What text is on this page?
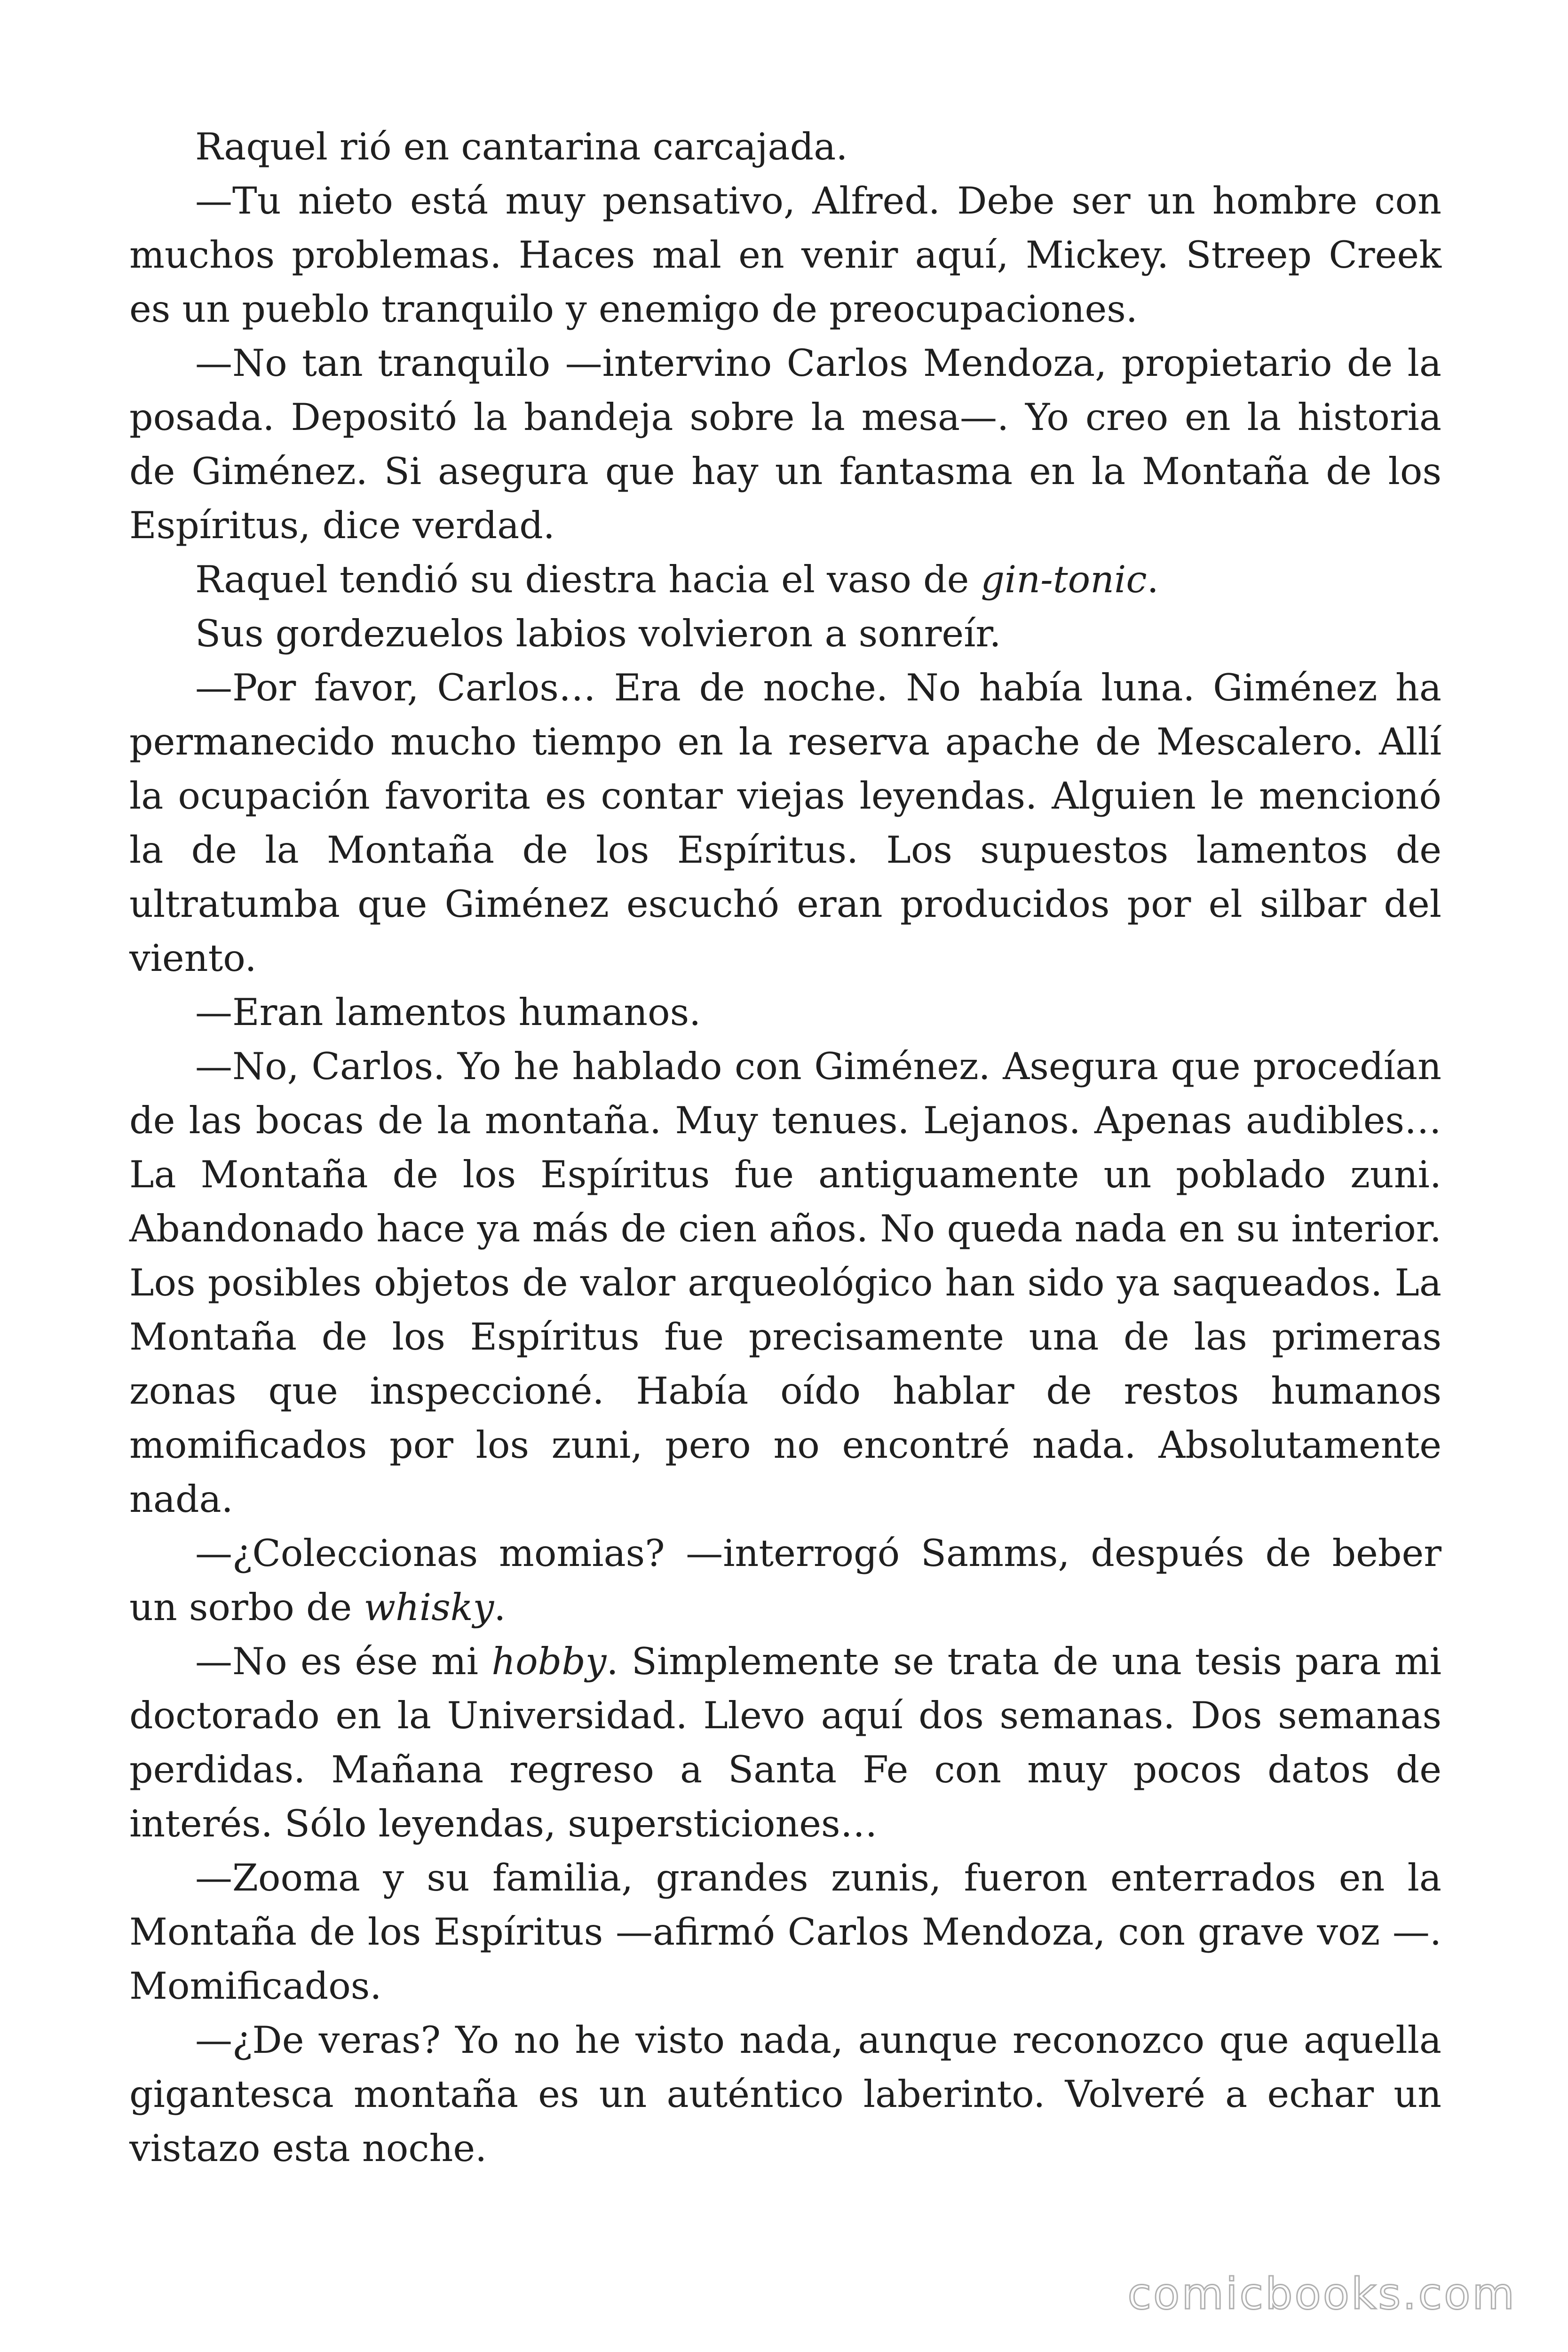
Raquel rió en cantarina carcajada.

—Tu nieto está muy pensativo, Alfred. Debe ser un hombre con muchos problemas. Haces mal en venir aquí, Mickey. Streep Creek es un pueblo tranquilo y enemigo de preocupaciones.

—No tan tranquilo —intervino Carlos Mendoza, propietario de la posada. Depositó la bandeja sobre la mesa—. Yo creo en la historia de Giménez. Si asegura que hay un fantasma en la Montaña de los Espíritus, dice verdad.

Raquel tendió su diestra hacia el vaso de gin-tonic.

Sus gordezuelos labios volvieron a sonreír.

—Por favor, Carlos… Era de noche. No había luna. Giménez ha permanecido mucho tiempo en la reserva apache de Mescalero. Allí la ocupación favorita es contar viejas leyendas. Alguien le mencionó la de la Montaña de los Espíritus. Los supuestos lamentos de ultratumba que Giménez escuchó eran producidos por el silbar del viento.

—Eran lamentos humanos.

—No, Carlos. Yo he hablado con Giménez. Asegura que procedían de las bocas de la montaña. Muy tenues. Lejanos. Apenas audibles… La Montaña de los Espíritus fue antiguamente un poblado zuni. Abandonado hace ya más de cien años. No queda nada en su interior. Los posibles objetos de valor arqueológico han sido ya saqueados. La Montaña de los Espíritus fue precisamente una de las primeras zonas que inspeccioné. Había oído hablar de restos humanos momificados por los zuni, pero no encontré nada. Absolutamente nada.

—¿Coleccionas momias? —interrogó Samms, después de beber un sorbo de whisky.

—No es ése mi hobby. Simplemente se trata de una tesis para mi doctorado en la Universidad. Llevo aquí dos semanas. Dos semanas perdidas. Mañana regreso a Santa Fe con muy pocos datos de interés. Sólo leyendas, supersticiones…

—Zooma y su familia, grandes zunis, fueron enterrados en la Montaña de los Espíritus —afirmó Carlos Mendoza, con grave voz —. Momificados.

—¿De veras? Yo no he visto nada, aunque reconozco que aquella gigantesca montaña es un auténtico laberinto. Volveré a echar un vistazo esta noche.

comicbooks.com
